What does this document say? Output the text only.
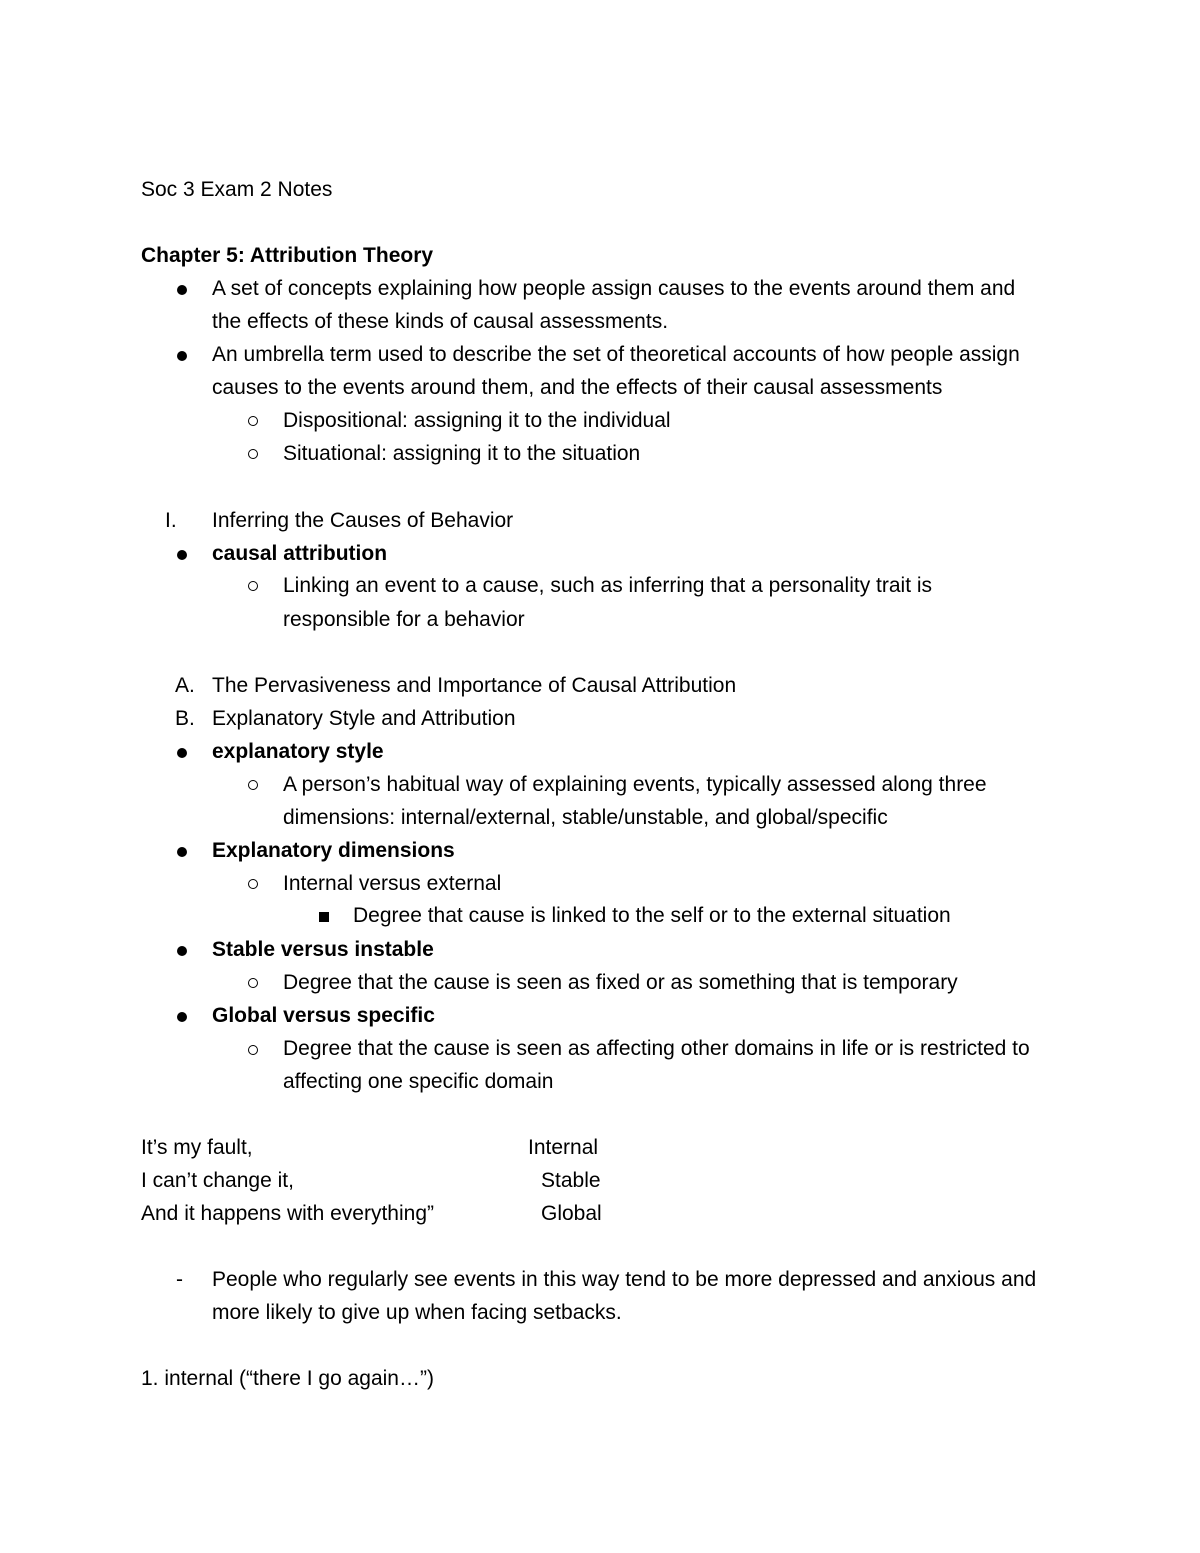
Soc 3 Exam 2 Notes
Chapter 5: Attribution Theory
A set of concepts explaining how people assign causes to the events around them and
the effects of these kinds of causal assessments.
An umbrella term used to describe the set of theoretical accounts of how people assign
causes to the events around them, and the effects of their causal assessments
Dispositional: assigning it to the individual
Situational: assigning it to the situation
I. Inferring the Causes of Behavior
causal attribution
Linking an event to a cause, such as inferring that a personality trait is
responsible for a behavior
A. The Pervasiveness and Importance of Causal Attribution
B. Explanatory Style and Attribution
explanatory style
A person’s habitual way of explaining events, typically assessed along three
dimensions: internal/external, stable/unstable, and global/specific
Explanatory dimensions
Internal versus external
Degree that cause is linked to the self or to the external situation
Stable versus instable
Degree that the cause is seen as fixed or as something that is temporary
Global versus specific
Degree that the cause is seen as affecting other domains in life or is restricted to
affecting one specific domain
It’s my fault,	Internal
I can’t change it,	Stable
And it happens with everything”	Global
- People who regularly see events in this way tend to be more depressed and anxious and
more likely to give up when facing setbacks.
1. internal (“there I go again…”)
